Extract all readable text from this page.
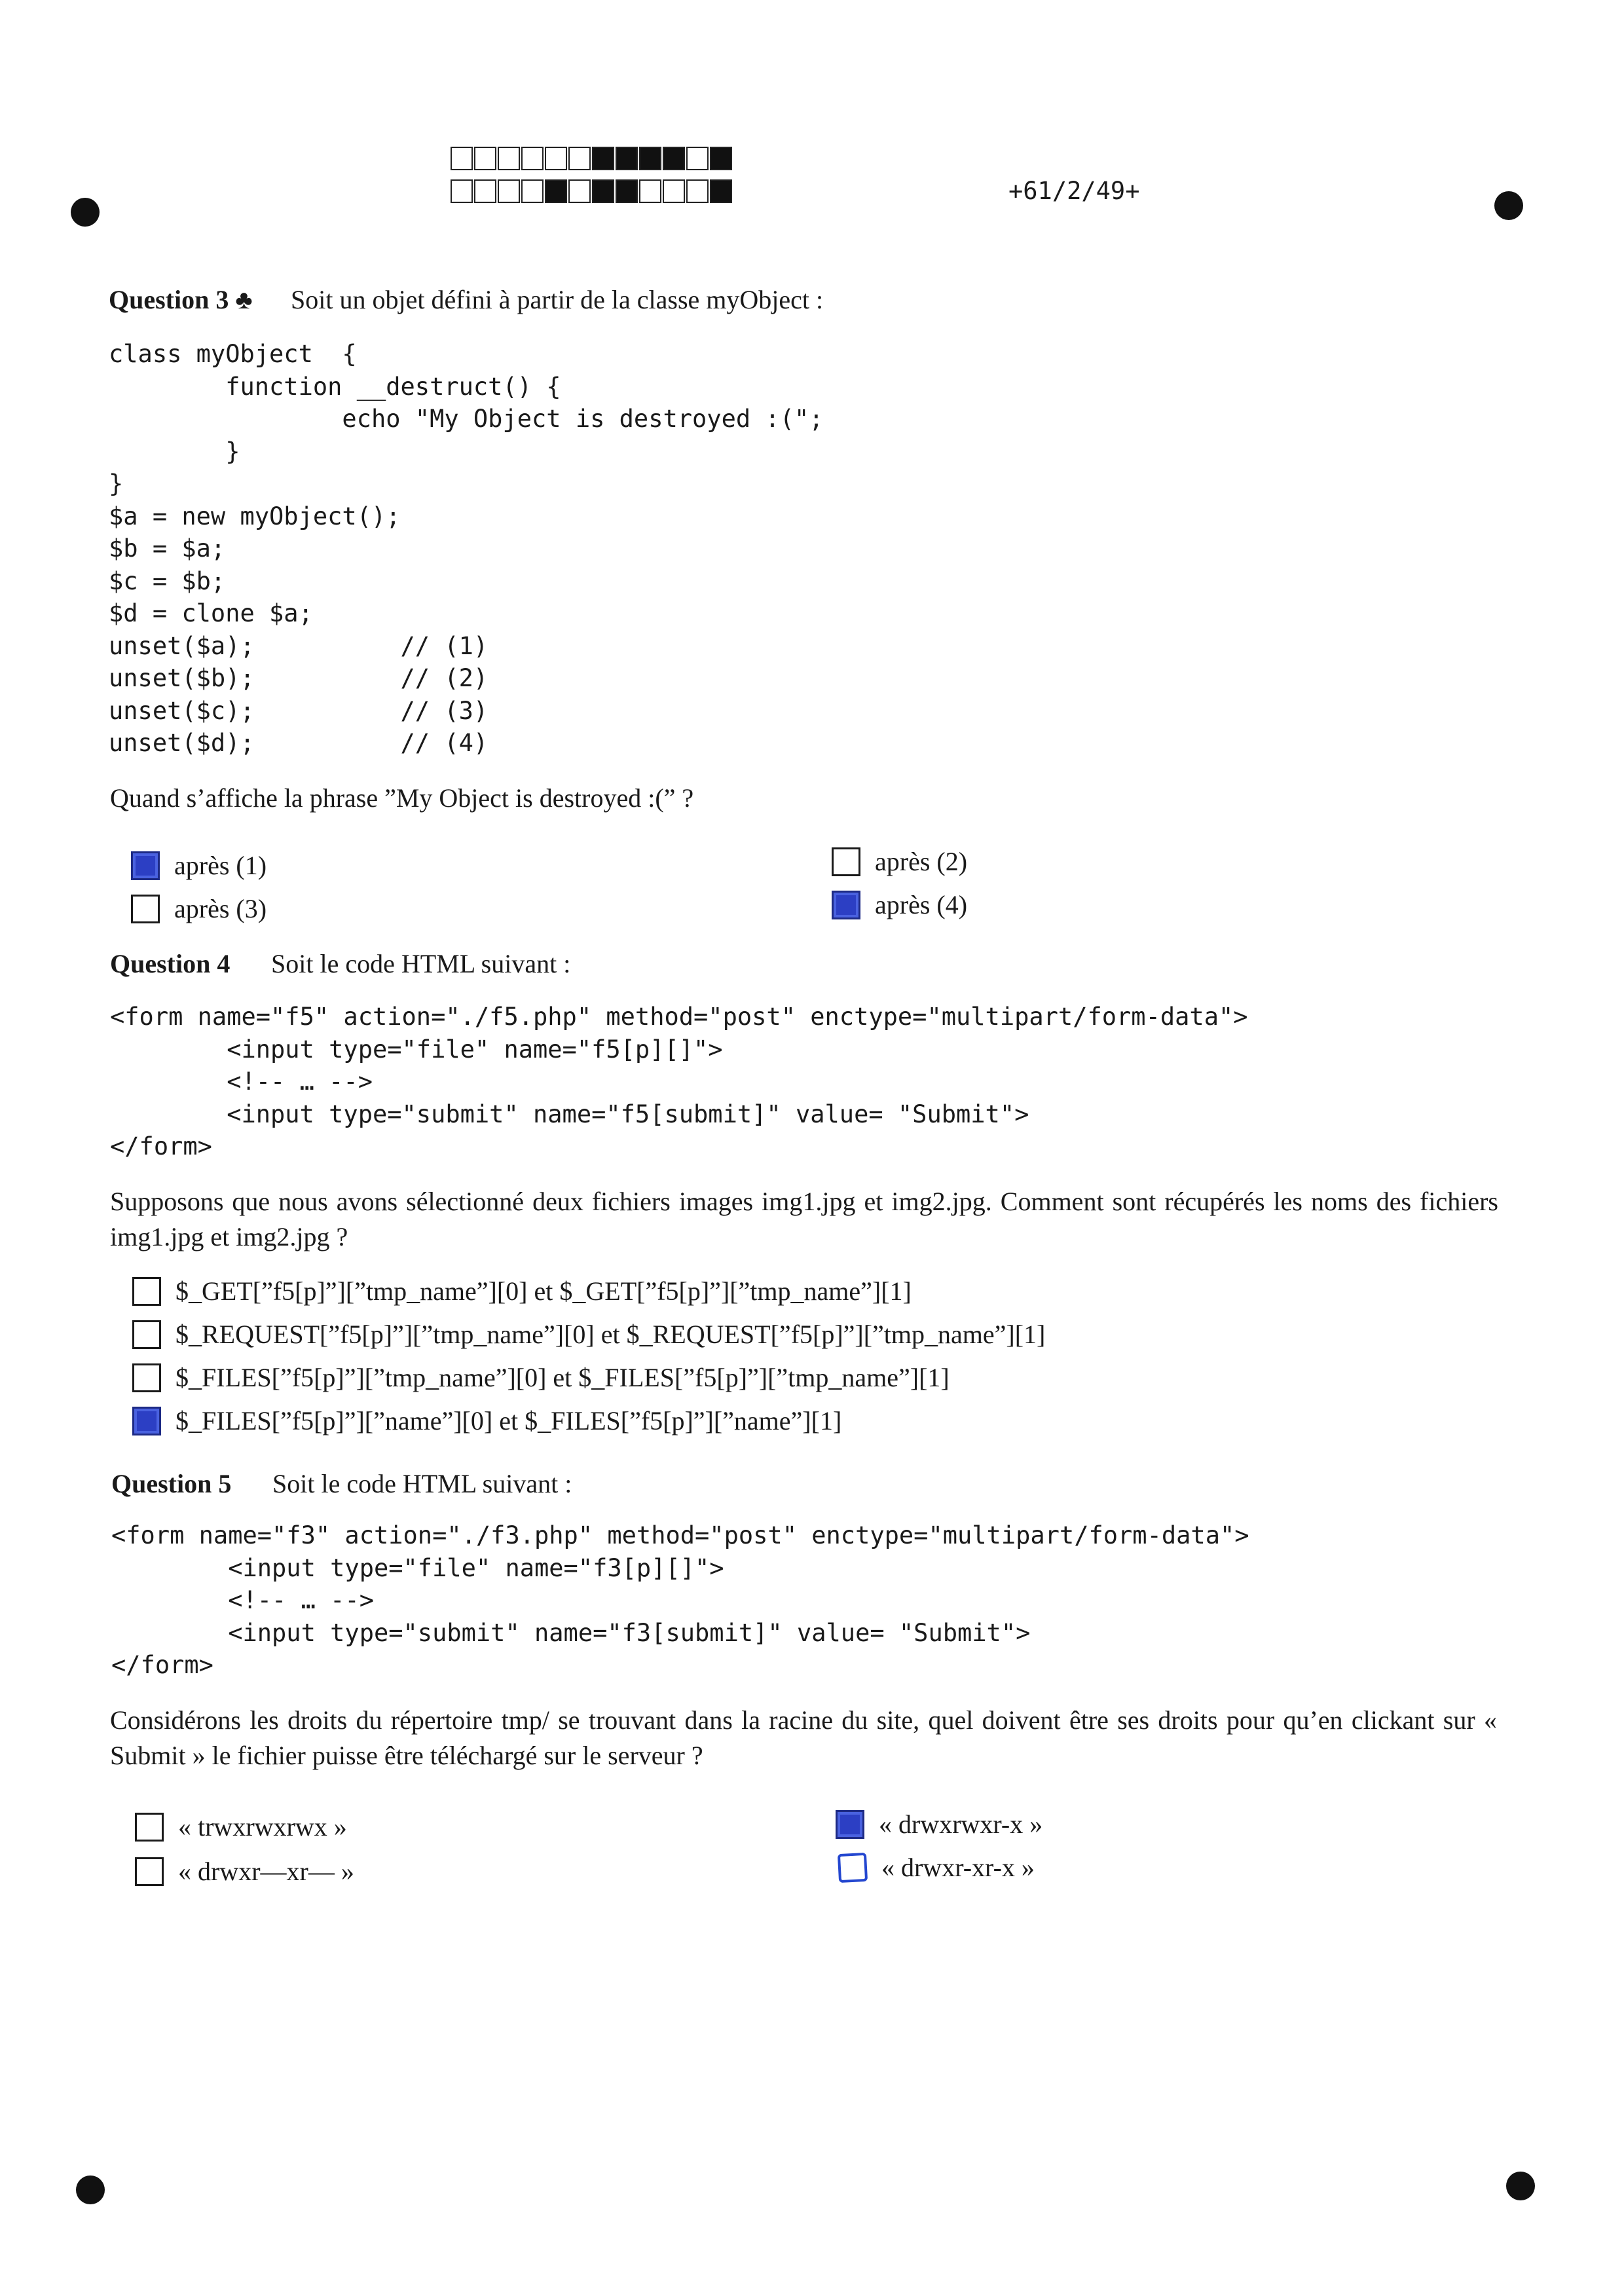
+61/2/49+
Question 3 ♣ Soit un objet défini à partir de la classe myObject :
class myObject  {
function __destruct() {
echo "My Object is destroyed :(";
}
}
$a = new myObject();
$b = $a;
$c = $b;
$d = clone $a;
unset($a);          // (1)
unset($b);          // (2)
unset($c);          // (3)
unset($d);          // (4)
Quand s’affiche la phrase ”My Object is destroyed :(” ?
après (1)	après (2)
après (3)	après (4)
Question 4 Soit le code HTML suivant :
<form name="f5" action="./f5.php" method="post" enctype="multipart/form-data">
<input type="file" name="f5[p][]">
<!-- … -->
<input type="submit" name="f5[submit]" value= "Submit">
</form>
Supposons que nous avons sélectionné deux fichiers images img1.jpg et img2.jpg. Comment sont récupérés les noms des fichiers img1.jpg et img2.jpg ?
$_GET[”f5[p]”][”tmp_name”][0] et $_GET[”f5[p]”][”tmp_name”][1]
$_REQUEST[”f5[p]”][”tmp_name”][0] et $_REQUEST[”f5[p]”][”tmp_name”][1]
$_FILES[”f5[p]”][”tmp_name”][0] et $_FILES[”f5[p]”][”tmp_name”][1]
$_FILES[”f5[p]”][”name”][0] et $_FILES[”f5[p]”][”name”][1]
Question 5 Soit le code HTML suivant :
<form name="f3" action="./f3.php" method="post" enctype="multipart/form-data">
<input type="file" name="f3[p][]">
<!-- … -->
<input type="submit" name="f3[submit]" value= "Submit">
</form>
Considérons les droits du répertoire tmp/ se trouvant dans la racine du site, quel doivent être ses droits pour qu’en clickant sur « Submit » le fichier puisse être téléchargé sur le serveur ?
« trwxrwxrwx »	« drwxrwxr-x »
« drwxr—xr— »	« drwxr-xr-x »
